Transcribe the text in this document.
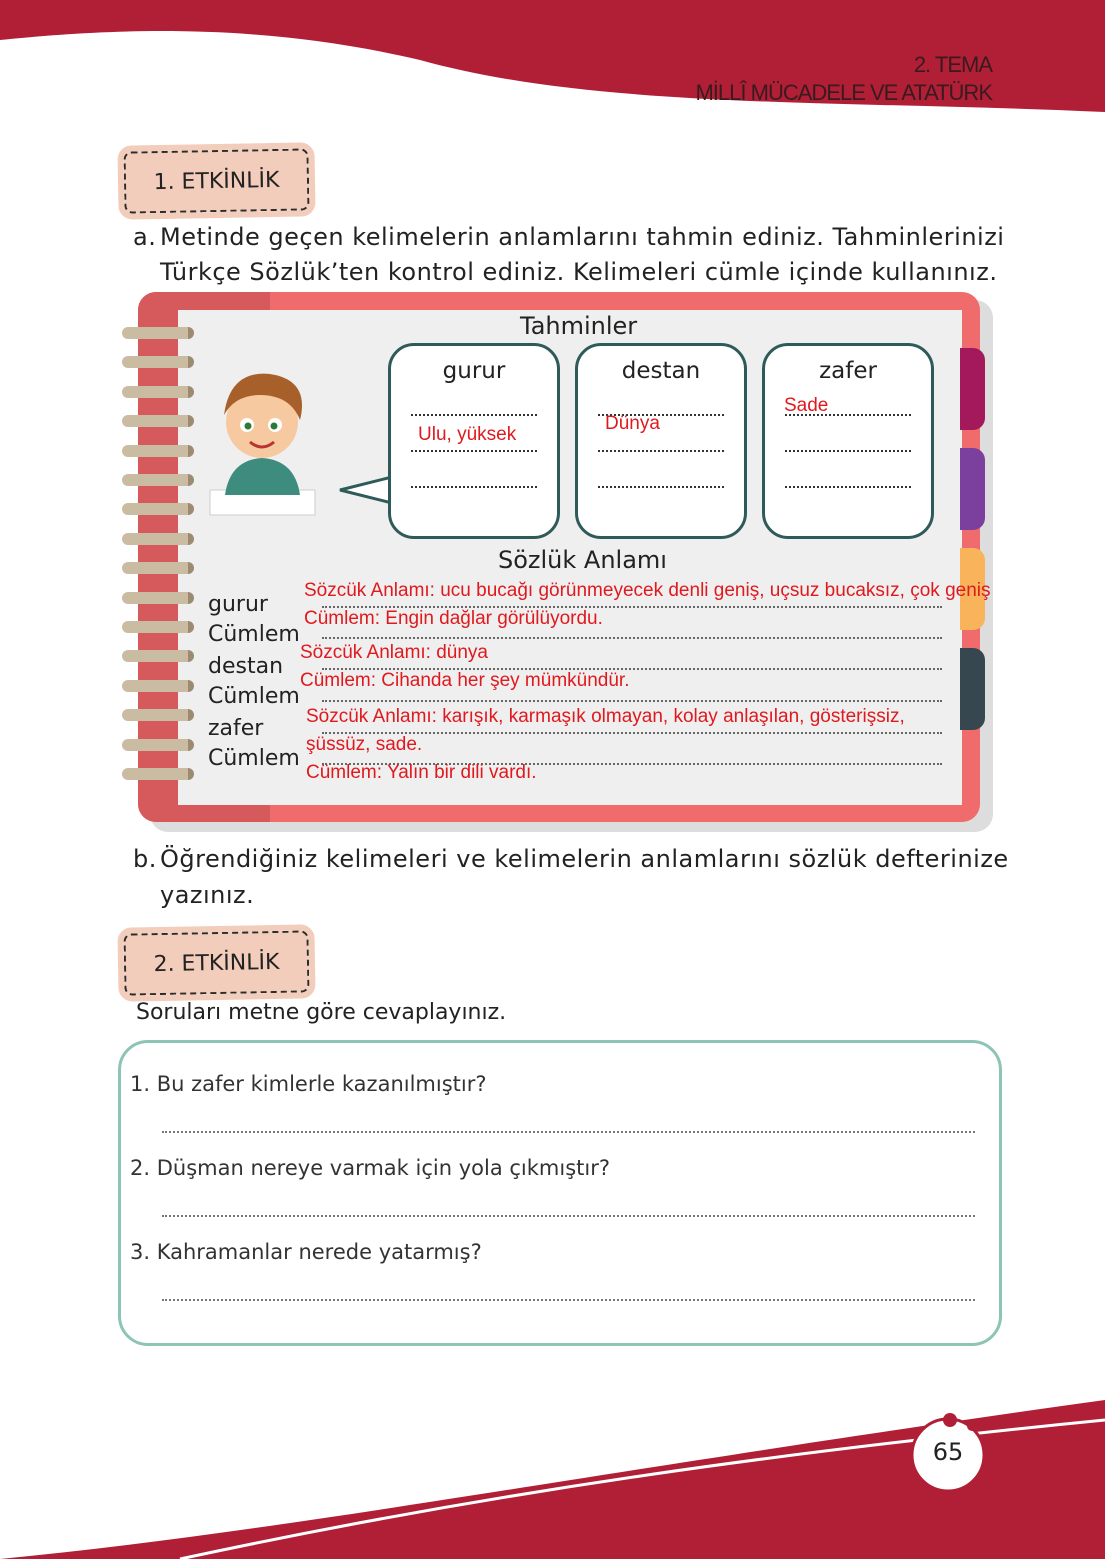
2. TEMA
MİLLÎ MÜCADELE VE ATATÜRK
1. ETKİNLİK
a. Metinde geçen kelimelerin anlamlarını tahmin ediniz. Tahminlerinizi
Türkçe Sözlük’ten kontrol ediniz. Kelimeleri cümle içinde kullanınız.
Tahminler
gurur	destan	zafer
Ulu, yüksek
Dünya
Sade
Sözlük Anlamı
gurur
Cümlem
destan
Cümlem
zafer
Cümlem
Sözcük Anlamı: ucu bucağı görünmeyecek denli geniş, uçsuz bucaksız, çok geniş
Cümlem: Engin dağlar görülüyordu.
Sözcük Anlamı: dünya
Cümlem: Cihanda her şey mümkündür.
Sözcük Anlamı: karışık, karmaşık olmayan, kolay anlaşılan, gösterişsiz,
şüssüz, sade.
Cümlem: Yalın bir dili vardı.
b. Öğrendiğiniz kelimeleri ve kelimelerin anlamlarını sözlük defterinize
yazınız.
2. ETKİNLİK
Soruları metne göre cevaplayınız.
1. Bu zafer kimlerle kazanılmıştır?
2. Düşman nereye varmak için yola çıkmıştır?
3. Kahramanlar nerede yatarmış?
65
